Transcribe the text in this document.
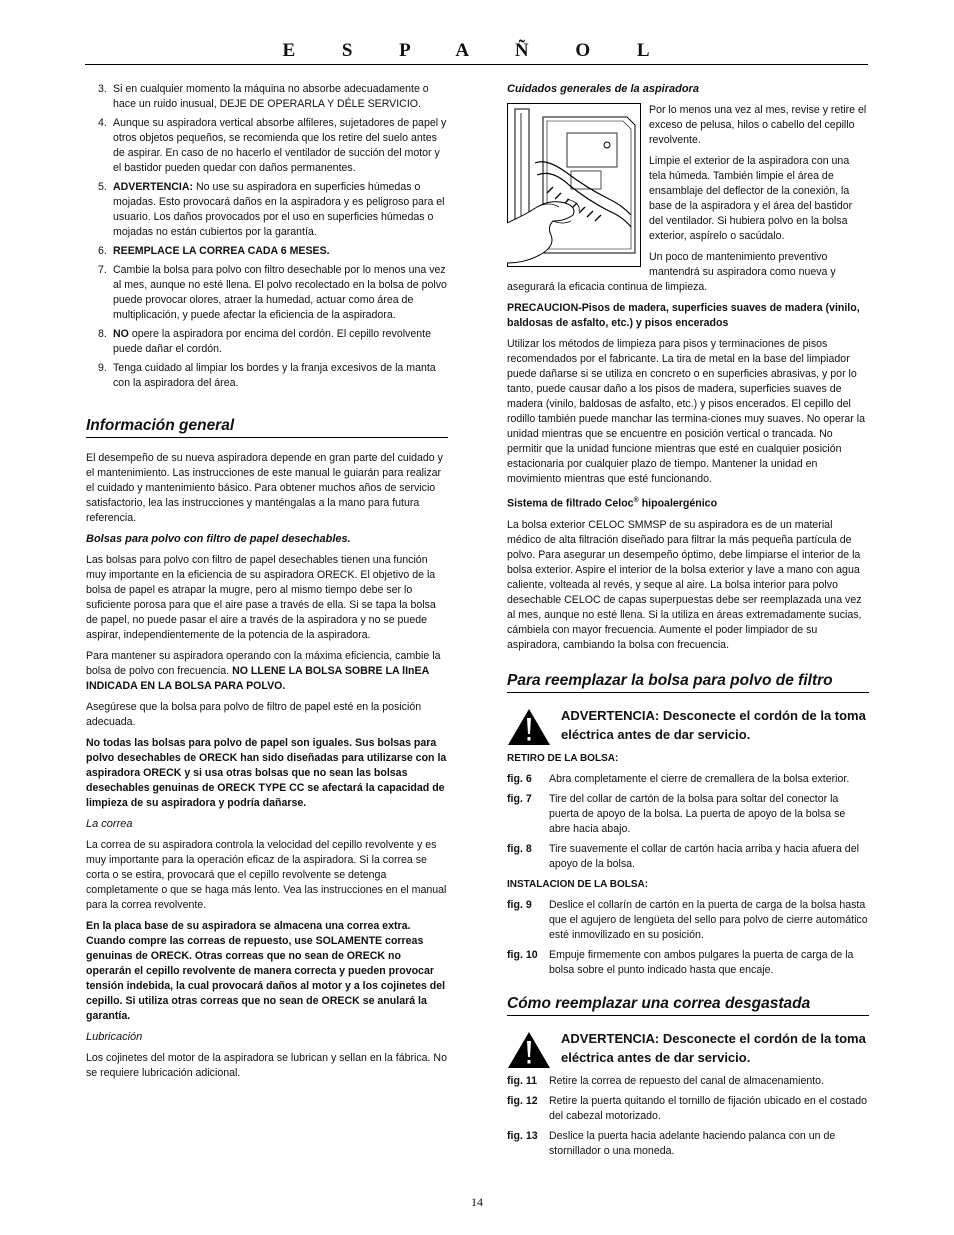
E S P A Ñ O L
3. Si en cualquier momento la máquina no absorbe adecuadamente o hace un ruido inusual, DEJE DE OPERARLA Y DÉLE SERVICIO.
4. Aunque su aspiradora vertical absorbe alfileres, sujetadores de papel y otros objetos pequeños, se recomienda que los retire del suelo antes de aspirar. En caso de no hacerlo el ventilador de succión del motor y el bastidor pueden quedar con daños permanentes.
5. ADVERTENCIA: No use su aspiradora en superficies húmedas o mojadas. Esto provocará daños en la aspiradora y es peligroso para el usuario. Los daños provocados por el uso en superficies húmedas o mojadas no están cubiertos por la garantía.
6. REEMPLACE LA CORREA CADA 6 MESES.
7. Cambie la bolsa para polvo con filtro desechable por lo menos una vez al mes, aunque no esté llena. El polvo recolectado en la bolsa de polvo puede provocar olores, atraer la humedad, actuar como área de multiplicación, y puede afectar la eficiencia de la aspiradora.
8. NO opere la aspiradora por encima del cordón. El cepillo revolvente puede dañar el cordón.
9. Tenga cuidado al limpiar los bordes y la franja excesivos de la manta con la aspiradora del área.
Información general

El desempeño de su nueva aspiradora depende en gran parte del cuidado y el mantenimiento. Las instrucciones de este manual le guiarán para realizar el cuidado y mantenimiento básico. Para obtener muchos años de servicio satisfactorio, lea las instrucciones y manténgalas a la mano para futura referencia.

Bolsas para polvo con filtro de papel desechables.

Las bolsas para polvo con filtro de papel desechables tienen una función muy importante en la eficiencia de su aspiradora ORECK. El objetivo de la bolsa de papel es atrapar la mugre, pero al mismo tiempo debe ser lo suficiente porosa para que el aire pase a través de ella. Si se tapa la bolsa de papel, no puede pasar el aire a través de la aspiradora y no se puede aspirar, independientemente de la potencia de la aspiradora.

Para mantener su aspiradora operando con la máxima eficiencia, cambie la bolsa de polvo con frecuencia. NO LLENE LA BOLSA SOBRE LA lInEA INDICADA EN LA BOLSA PARA POLVO.

Asegúrese que la bolsa para polvo de filtro de papel esté en la posición adecuada.

No todas las bolsas para polvo de papel son iguales. Sus bolsas para polvo desechables de ORECK han sido diseñadas para utilizarse con la aspiradora ORECK y si usa otras bolsas que no sean las bolsas desechables genuinas de ORECK TYPE CC se afectará la capacidad de limpieza de su aspiradora y podría dañarse.

La correa

La correa de su aspiradora controla la velocidad del cepillo revolvente y es muy importante para la operación eficaz de la aspiradora. Si la correa se corta o se estira, provocará que el cepillo revolvente se detenga completamente o que se haga más lento. Vea las instrucciones en el manual para la correa revolvente.

En la placa base de su aspiradora se almacena una correa extra. Cuando compre las correas de repuesto, use SOLAMENTE correas genuinas de ORECK. Otras correas que no sean de ORECK no operarán el cepillo revolvente de manera correcta y pueden provocar tensión indebida, la cual provocará daños al motor y a los cojinetes del cepillo. Si utiliza otras correas que no sean de ORECK se anulará la garantía.

Lubricación

Los cojinetes del motor de la aspiradora se lubrican y sellan en la fábrica. No se requiere lubricación adicional.

Cuidados generales de la aspiradora

Por lo menos una vez al mes, revise y retire el exceso de pelusa, hilos o cabello del cepillo revolvente.

Limpie el exterior de la aspiradora con una tela húmeda. También limpie el área de ensamblaje del deflector de la conexión, la base de la aspiradora y el área del bastidor del ventilador. Si hubiera polvo en la bolsa exterior, aspírelo o sacúdalo.

Un poco de mantenimiento preventivo mantendrá su aspiradora como nueva y asegurará la eficacia continua de limpieza.

PRECAUCION-Pisos de madera, superficies suaves de madera (vinilo, baldosas de asfalto, etc.) y pisos encerados

Utilizar los métodos de limpieza para pisos y terminaciones de pisos recomendados por el fabricante. La tira de metal en la base del limpiador puede dañarse si se utiliza en concreto o en superficies abrasivas, y por lo tanto, puede causar daño a los pisos de madera, superficies suaves de madera (vinilo, baldosas de asfalto, etc.) y pisos encerados. El cepillo del rodillo también puede manchar las termina-ciones muy suaves. No operar la unidad mientras que se encuentre en posición vertical o trancada. No permitir que la unidad funcione mientras que esté en cualquier posición estacionaria por cualquier plazo de tiempo. Mantener la unidad en movimiento mientras que esté funcionando.

Sistema de filtrado Celoc® hipoalergénico

La bolsa exterior CELOC SMMSP de su aspiradora es de un material médico de alta filtración diseñado para filtrar la más pequeña partícula de polvo. Para asegurar un desempeño óptimo, debe limpiarse el interior de la bolsa exterior. Aspire el interior de la bolsa exterior y lave a mano con agua caliente, volteada al revés, y seque al aire. La bolsa interior para polvo desechable CELOC de capas superpuestas debe ser reemplazada una vez al mes, aunque no esté llena. Si la utiliza en áreas extremadamente sucias, cámbiela con mayor frecuencia. Aumente el poder limpiador de su aspiradora, cambiando la bolsa con frecuencia.

Para reemplazar la bolsa para polvo de filtro
ADVERTENCIA: Desconecte el cordón de la toma eléctrica antes de dar servicio.
RETIRO DE LA BOLSA:
fig. 6	Abra completamente el cierre de cremallera de la bolsa exterior.
fig. 7	Tire del collar de cartón de la bolsa para soltar del conector la puerta de apoyo de la bolsa. La puerta de apoyo de la bolsa se abre hacia abajo.
fig. 8	Tire suavemente el collar de cartón hacia arriba y hacia afuera del apoyo de la bolsa.
INSTALACION DE LA BOLSA:
fig. 9	Deslice el collarín de cartón en la puerta de carga de la bolsa hasta que el agujero de lengüeta del sello para polvo de cierre automático esté inmovilizado en su posición.
fig. 10	Empuje firmemente con ambos pulgares la puerta de carga de la bolsa sobre el punto indicado hasta que encaje.
Cómo reemplazar una correa desgastada
ADVERTENCIA: Desconecte el cordón de la toma eléctrica antes de dar servicio.
fig. 11	Retire la correa de repuesto del canal de almacenamiento.
fig. 12	Retire la puerta quitando el tornillo de fijación ubicado en el costado del cabezal motorizado.
fig. 13	Deslice la puerta hacia adelante haciendo palanca con un de stornillador o una moneda.
14
